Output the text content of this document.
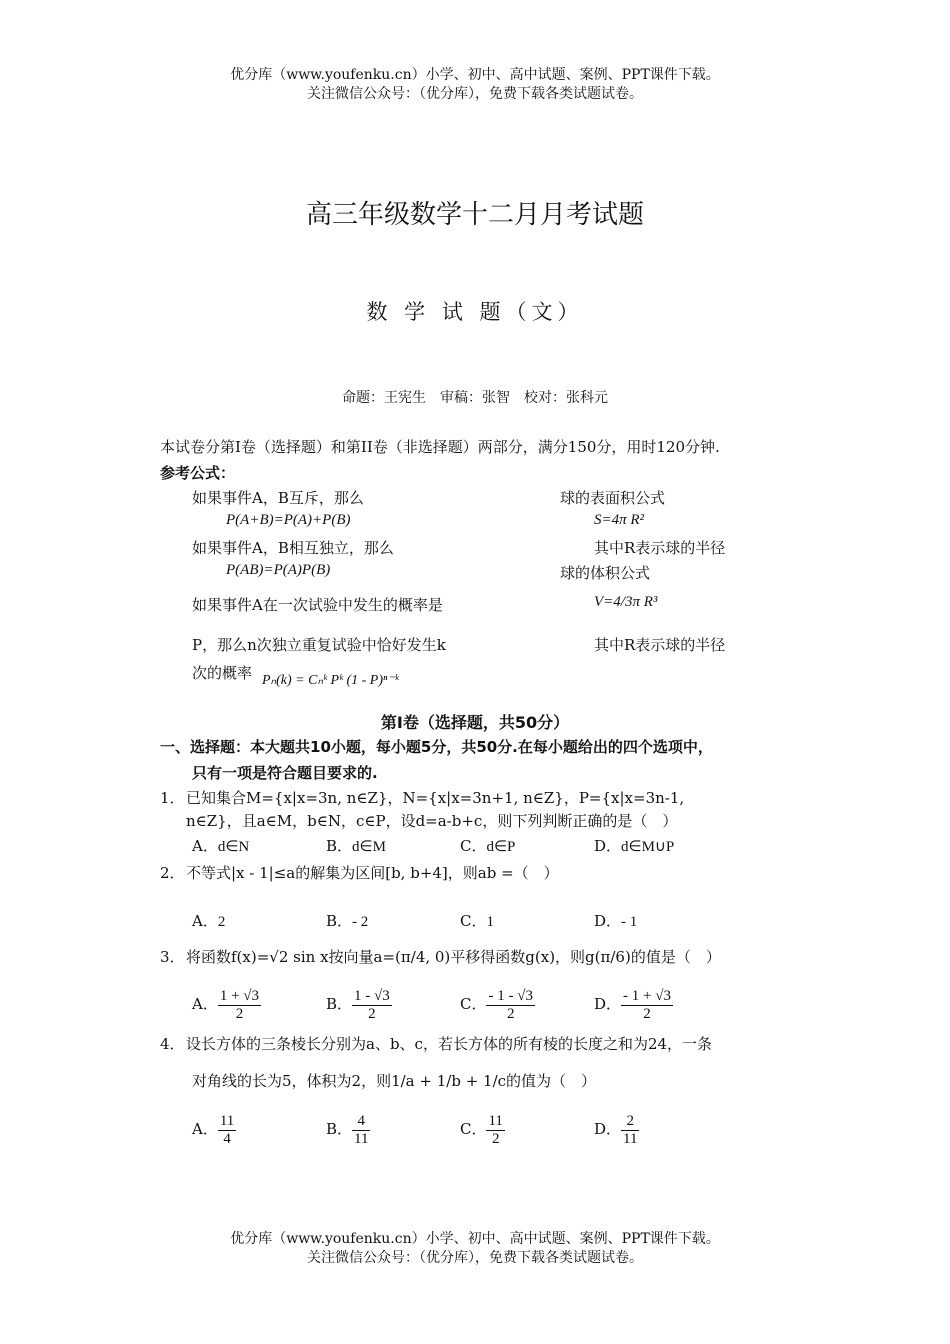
优分库（www.youfenku.cn）小学、初中、高中试题、案例、PPT课件下载。
关注微信公众号：（优分库），免费下载各类试题试卷。
高三年级数学十二月月考试题
数 学 试 题（文）
命题：王宪生　审稿：张智　校对：张科元
本试卷分第I卷（选择题）和第II卷（非选择题）两部分，满分150分，用时120分钟.
参考公式：
如果事件A，B互斥，那么
P(A+B)=P(A)+P(B)
如果事件A，B相互独立，那么
P(AB)=P(A)P(B)
如果事件A在一次试验中发生的概率是
P，那么n次独立重复试验中恰好发生k
次的概率 Pₙ(k) = Cₙᵏ Pᵏ (1 - P)ⁿ⁻ᵏ
球的表面积公式
S=4π R²
其中R表示球的半径
球的体积公式
V=4/3π R³
其中R表示球的半径
第Ⅰ卷（选择题，共50分）
一、选择题：本大题共10小题，每小题5分，共50分.在每小题给出的四个选项中，
只有一项是符合题目要求的.
1． 已知集合M={x|x=3n, n∈Z}，N={x|x=3n+1, n∈Z}，P={x|x=3n-1,
n∈Z}，且a∈M，b∈N，c∈P，设d=a-b+c，则下列判断正确的是（　）
A．d∈N	B．d∈M	C．d∈P	D．d∈M∪P
2． 不等式|x - 1|≤a的解集为区间[b, b+4]，则ab =（　）
A．2	B．- 2	C．1	D．- 1
3． 将函数f(x)=√2 sin x按向量a=(π/4, 0)平移得函数g(x)，则g(π/6)的值是（　）
A． $\frac{1 + √3}{2}$	B． $\frac{1 - √3}{2}$	C． $\frac{- 1 - √3}{2}$	D． $\frac{- 1 + √3}{2}$
4． 设长方体的三条棱长分别为a、b、c，若长方体的所有棱的长度之和为24，一条
对角线的长为5，体积为2，则1/a + 1/b + 1/c的值为（　）
A． $\frac{11}{4}$	B． $\frac{4}{11}$	C． $\frac{11}{2}$	D． $\frac{2}{11}$
优分库（www.youfenku.cn）小学、初中、高中试题、案例、PPT课件下载。
关注微信公众号：（优分库），免费下载各类试题试卷。
